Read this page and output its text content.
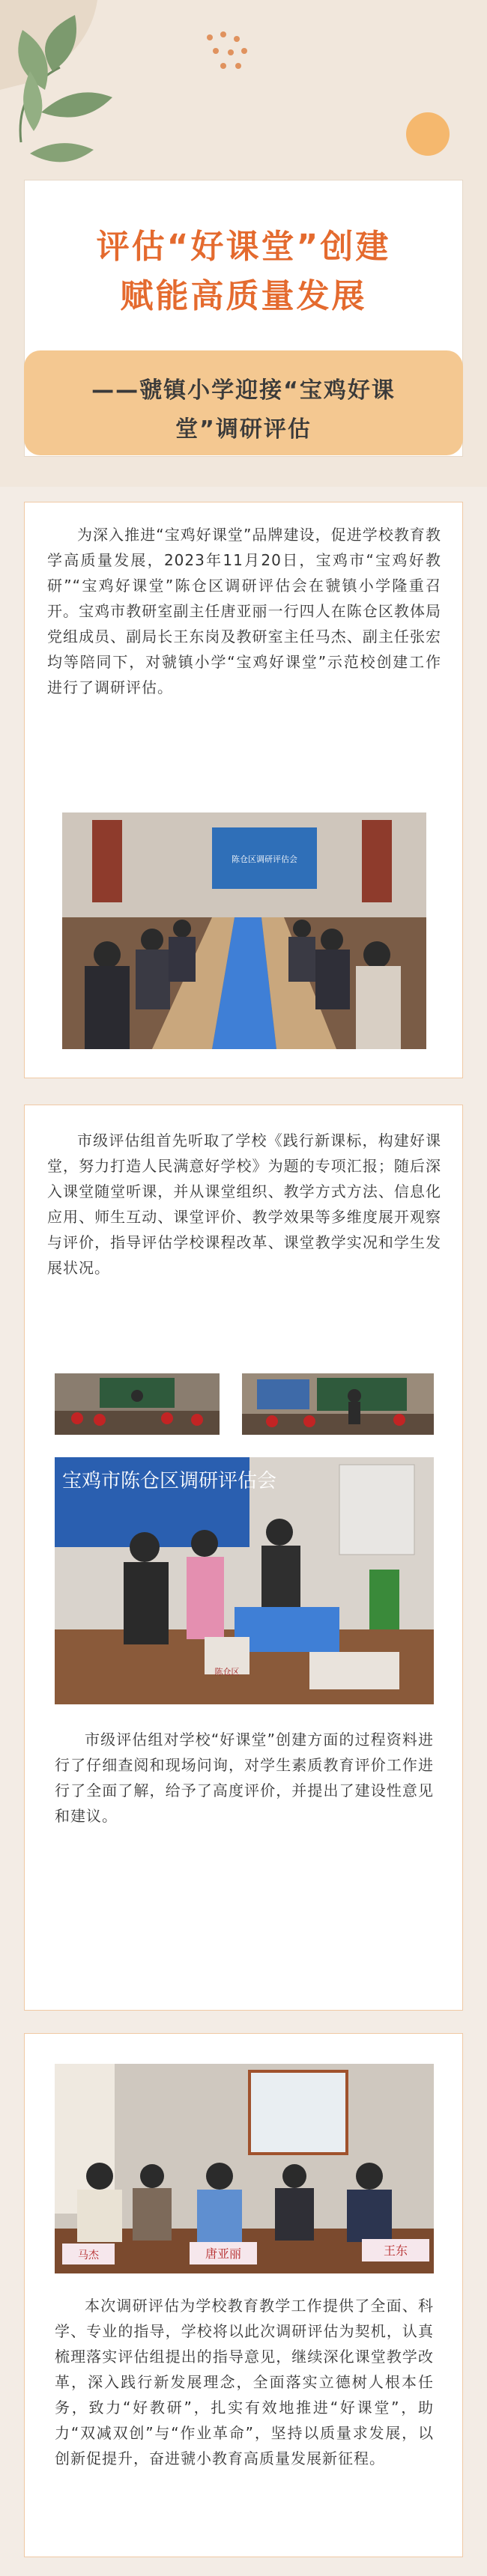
评估“好课堂”创建
赋能高质量发展
——虢镇小学迎接“宝鸡好课
堂”调研评估
为深入推进“宝鸡好课堂”品牌建设，促进学校教育教学高质量发展，2023年11月20日，宝鸡市“宝鸡好教研”“宝鸡好课堂”陈仓区调研评估会在虢镇小学隆重召开。宝鸡市教研室副主任唐亚丽一行四人在陈仓区教体局党组成员、副局长王东岗及教研室主任马杰、副主任张宏均等陪同下，对虢镇小学“宝鸡好课堂”示范校创建工作进行了调研评估。
陈仓区调研评估会
市级评估组首先听取了学校《践行新课标，构建好课堂，努力打造人民满意好学校》为题的专项汇报；随后深入课堂随堂听课，并从课堂组织、教学方式方法、信息化应用、师生互动、课堂评价、教学效果等多维度展开观察与评价，指导评估学校课程改革、课堂教学实况和学生发展状况。
宝鸡市陈仓区调研评估会
陈仓区
市级评估组对学校“好课堂”创建方面的过程资料进行了仔细查阅和现场问询，对学生素质教育评价工作进行了全面了解，给予了高度评价，并提出了建设性意见和建议。
马杰	唐亚丽	王东
本次调研评估为学校教育教学工作提供了全面、科学、专业的指导，学校将以此次调研评估为契机，认真梳理落实评估组提出的指导意见，继续深化课堂教学改革，深入践行新发展理念，全面落实立德树人根本任务，致力“好教研”，扎实有效地推进“好课堂”，助力“双减双创”与“作业革命”，坚持以质量求发展，以创新促提升，奋进虢小教育高质量发展新征程。
